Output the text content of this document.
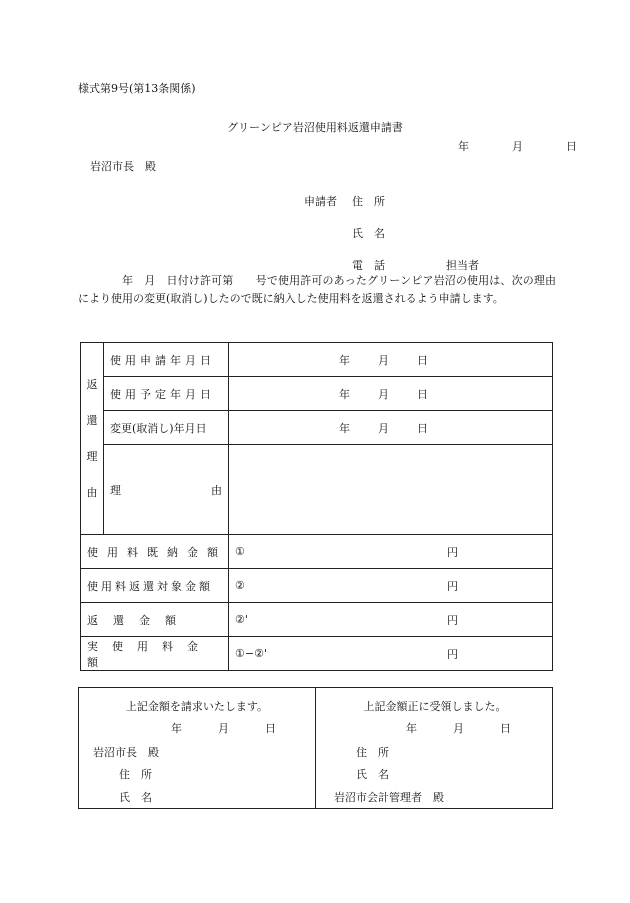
様式第9号(第13条関係)
グリーンピア岩沼使用料返還申請書
年	月	日
岩沼市長　殿
申請者 住　所
氏　名
電　話	担当者
年　月　日付け許可第　　号で使用許可のあったグリーンピア岩沼の使用は、次の理由により使用の変更(取消し)したので既に納入した使用料を返還されるよう申請します。
返
還
理
由	使用申請年月日	年 月 日

	使用予定年月日	年 月 日

	変更(取消し)年月日	年 月 日

	理 由	

使用料既納金額		① 円

使用料返還対象金額		② 円

返　還　金　額		②' 円

実使用料金額		①−②' 円
上記金額を請求いたします。
年	月	日
岩沼市長　殿
住　所
氏　名

上記金額正に受領しました。
年	月	日
住　所
氏　名
岩沼市会計管理者　殿
